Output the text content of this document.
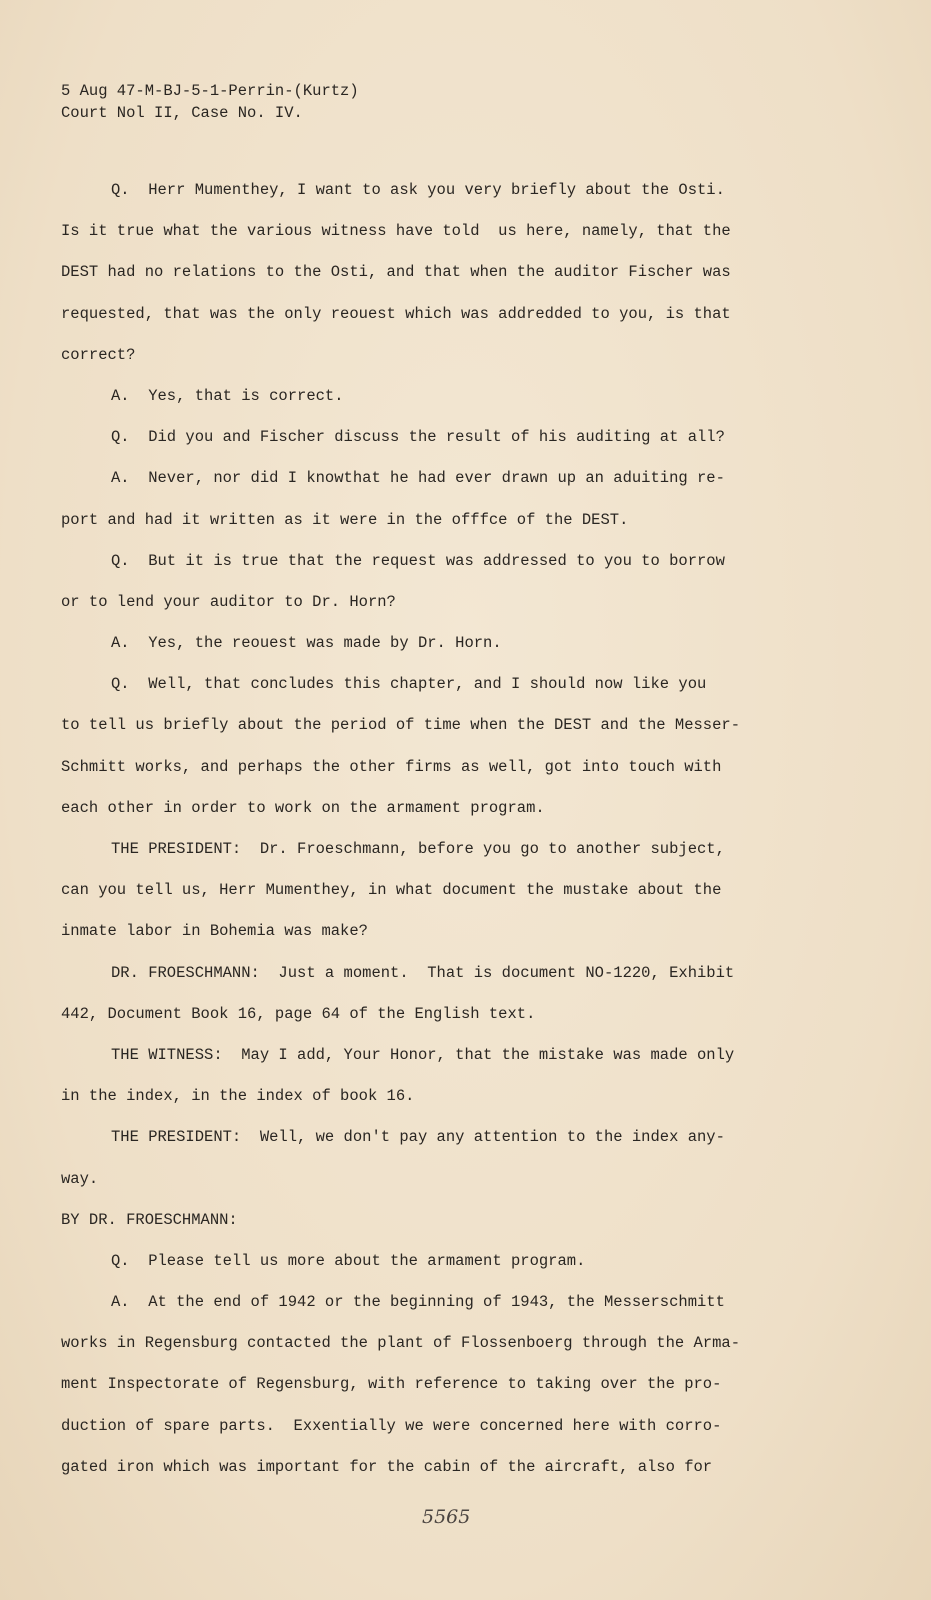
5 Aug 47-M-BJ-5-1-Perrin-(Kurtz)
Court Nol II, Case No. IV.
Q.  Herr Mumenthey, I want to ask you very briefly about the Osti.
Is it true what the various witness have told  us here, namely, that the
DEST had no relations to the Osti, and that when the auditor Fischer was
requested, that was the only reouest which was addredded to you, is that
correct?
A.  Yes, that is correct.
Q.  Did you and Fischer discuss the result of his auditing at all?
A.  Never, nor did I knowthat he had ever drawn up an aduiting re-
port and had it written as it were in the offfce of the DEST.
Q.  But it is true that the request was addressed to you to borrow
or to lend your auditor to Dr. Horn?
A.  Yes, the reouest was made by Dr. Horn.
Q.  Well, that concludes this chapter, and I should now like you
to tell us briefly about the period of time when the DEST and the Messer-
Schmitt works, and perhaps the other firms as well, got into touch with
each other in order to work on the armament program.
THE PRESIDENT:  Dr. Froeschmann, before you go to another subject,
can you tell us, Herr Mumenthey, in what document the mustake about the
inmate labor in Bohemia was make?
DR. FROESCHMANN:  Just a moment.  That is document NO-1220, Exhibit
442, Document Book 16, page 64 of the English text.
THE WITNESS:  May I add, Your Honor, that the mistake was made only
in the index, in the index of book 16.
THE PRESIDENT:  Well, we don't pay any attention to the index any-
way.
BY DR. FROESCHMANN:
Q.  Please tell us more about the armament program.
A.  At the end of 1942 or the beginning of 1943, the Messerschmitt
works in Regensburg contacted the plant of Flossenboerg through the Arma-
ment Inspectorate of Regensburg, with reference to taking over the pro-
duction of spare parts.  Exxentially we were concerned here with corro-
gated iron which was important for the cabin of the aircraft, also for
5565
